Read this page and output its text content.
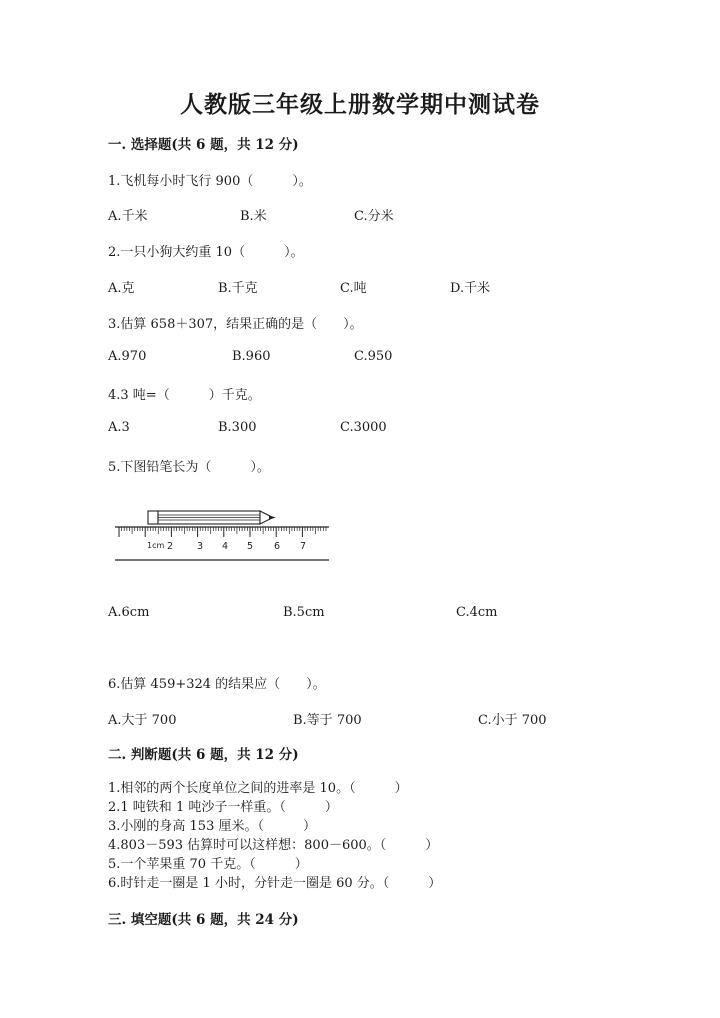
人教版三年级上册数学期中测试卷
一. 选择题(共 6 题，共 12 分)
1.飞机每小时飞行 900（　　　）。
A.千米	B.米	C.分米
2.一只小狗大约重 10（　　　）。
A.克	B.千克	C.吨	D.千米
3.估算 658＋307，结果正确的是（　　）。
A.970	B.960	C.950
4.3 吨=（　　　）千克。
A.3	B.300	C.3000
5.下图铅笔长为（　　　）。
1cm 2	3 4 5 6 7
A.6cm	B.5cm	C.4cm
6.估算 459+324 的结果应（　　）。
A.大于 700	B.等于 700	C.小于 700
二. 判断题(共 6 题，共 12 分)
1.相邻的两个长度单位之间的进率是 10。（　　　）
2.1 吨铁和 1 吨沙子一样重。（　　　）
3.小刚的身高 153 厘米。（　　　）
4.803－593 估算时可以这样想：800－600。（　　　）
5.一个苹果重 70 千克。（　　　）
6.时针走一圈是 1 小时，分针走一圈是 60 分。（　　　）
三. 填空题(共 6 题，共 24 分)
